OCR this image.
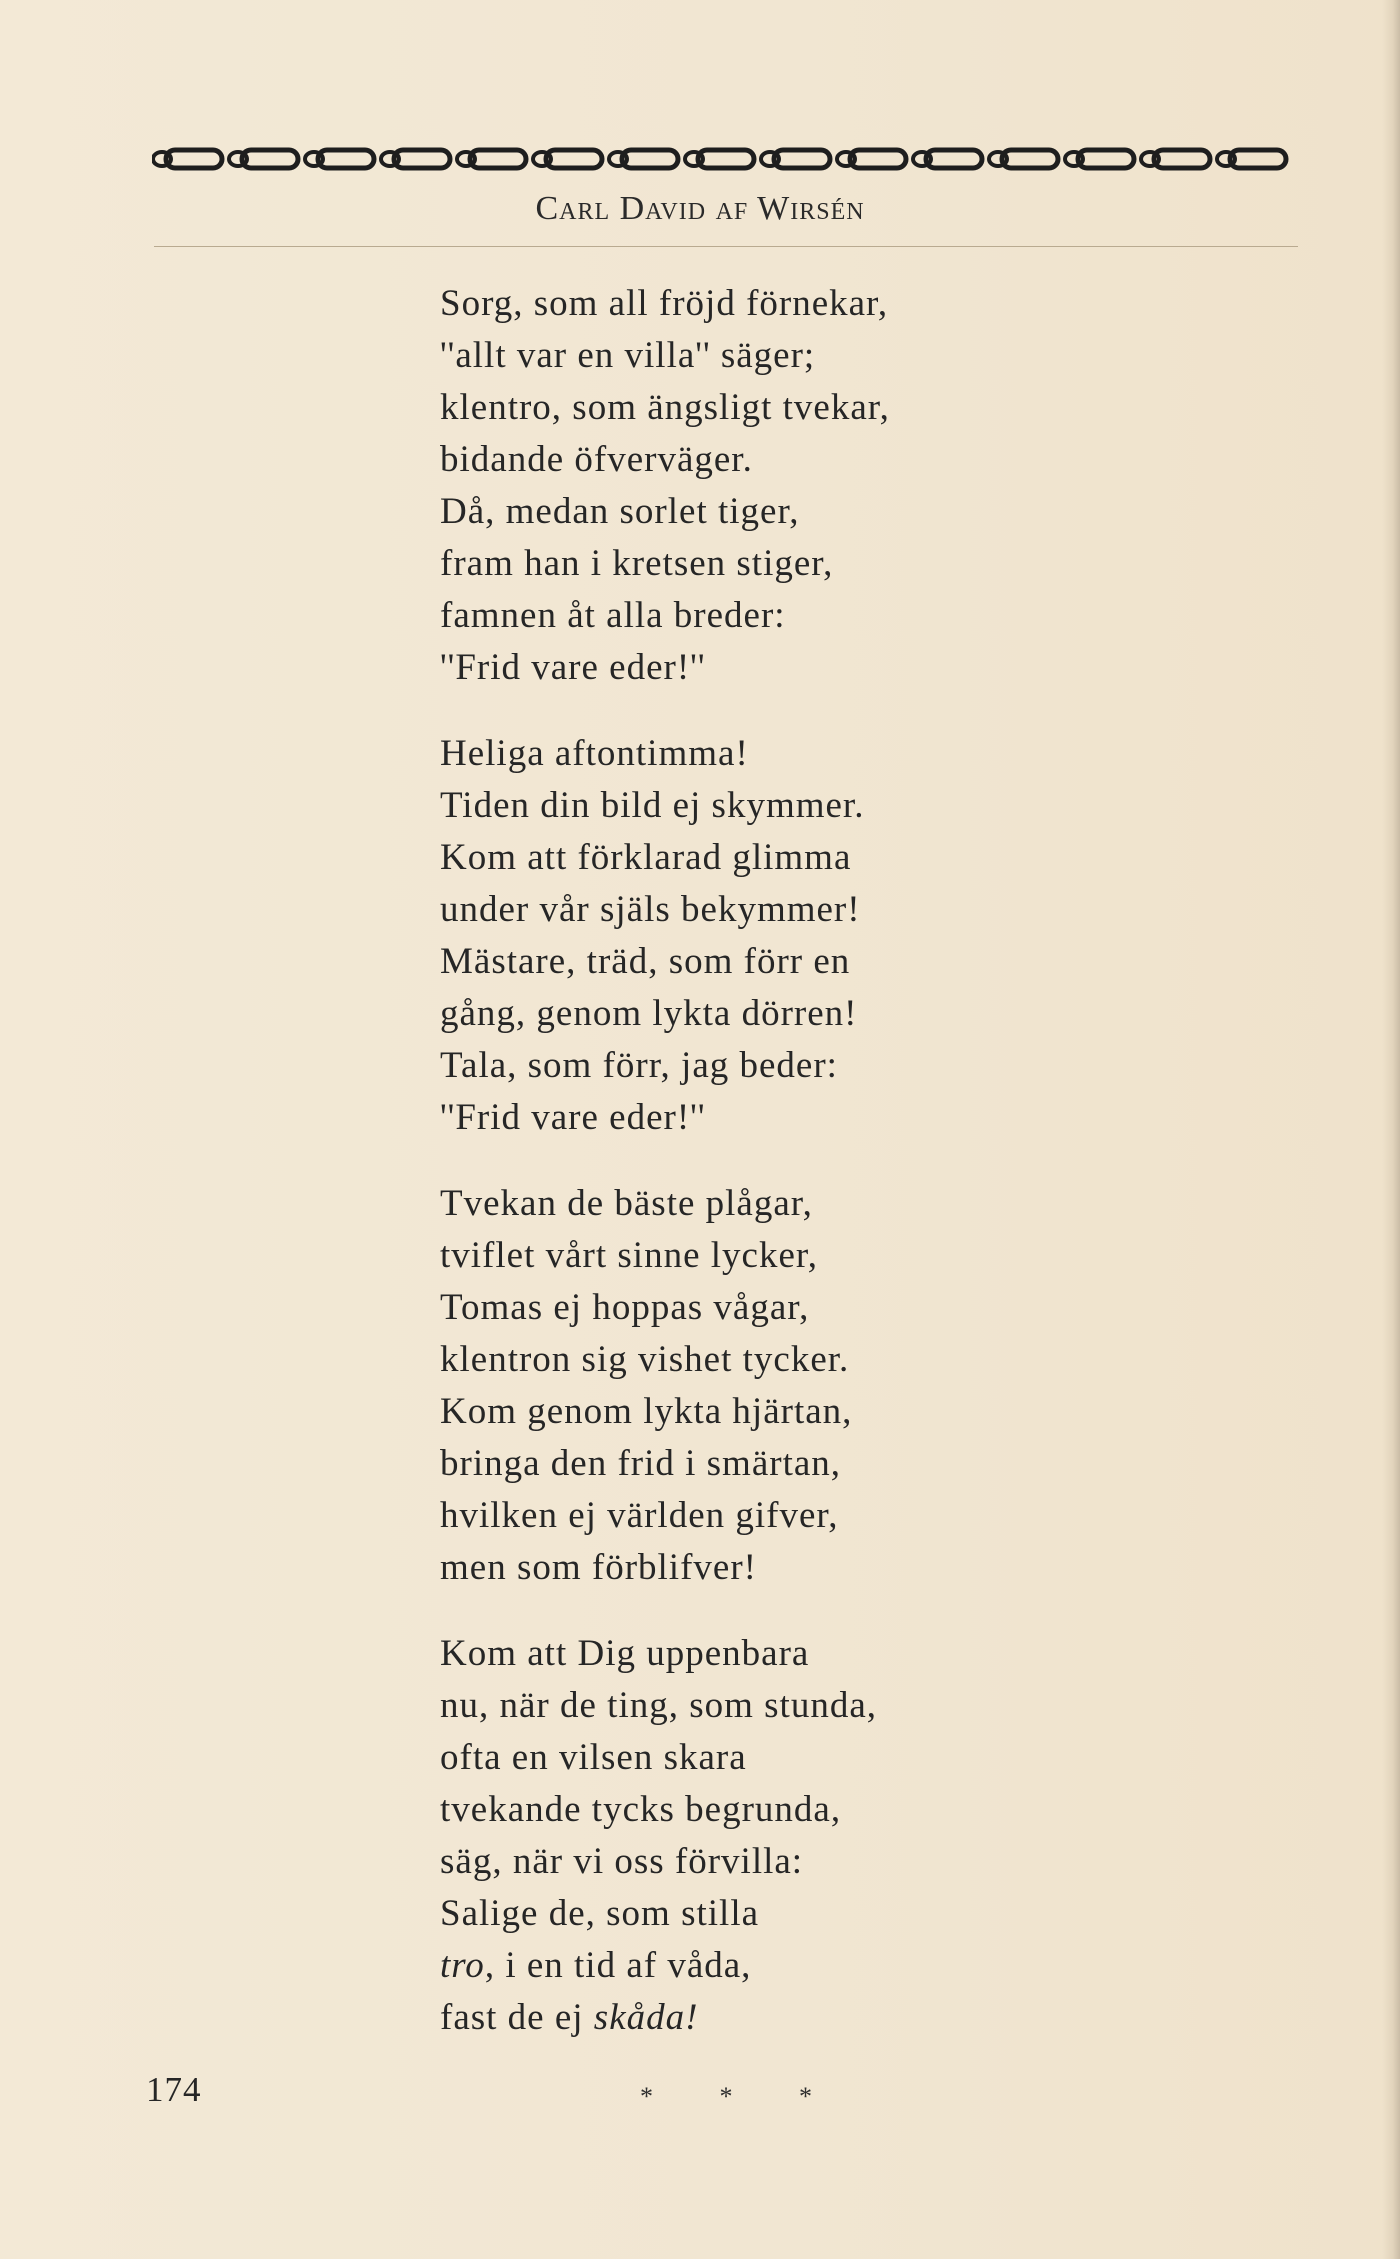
Carl David af Wirsén
Sorg, som all fröjd förnekar,
''allt var en villa'' säger;
klentro, som ängsligt tvekar,
bidande öfverväger.
Då, medan sorlet tiger,
fram han i kretsen stiger,
famnen åt alla breder:
''Frid vare eder!''
Heliga aftontimma!
Tiden din bild ej skymmer.
Kom att förklarad glimma
under vår själs bekymmer!
Mästare, träd, som förr en
gång, genom lykta dörren!
Tala, som förr, jag beder:
''Frid vare eder!''
Tvekan de bäste plågar,
tviflet vårt sinne lycker,
Tomas ej hoppas vågar,
klentron sig vishet tycker.
Kom genom lykta hjärtan,
bringa den frid i smärtan,
hvilken ej världen gifver,
men som förblifver!
Kom att Dig uppenbara
nu, när de ting, som stunda,
ofta en vilsen skara
tvekande tycks begrunda,
säg, när vi oss förvilla:
Salige de, som stilla
tro, i en tid af våda,
fast de ej skåda!
174	* * *
